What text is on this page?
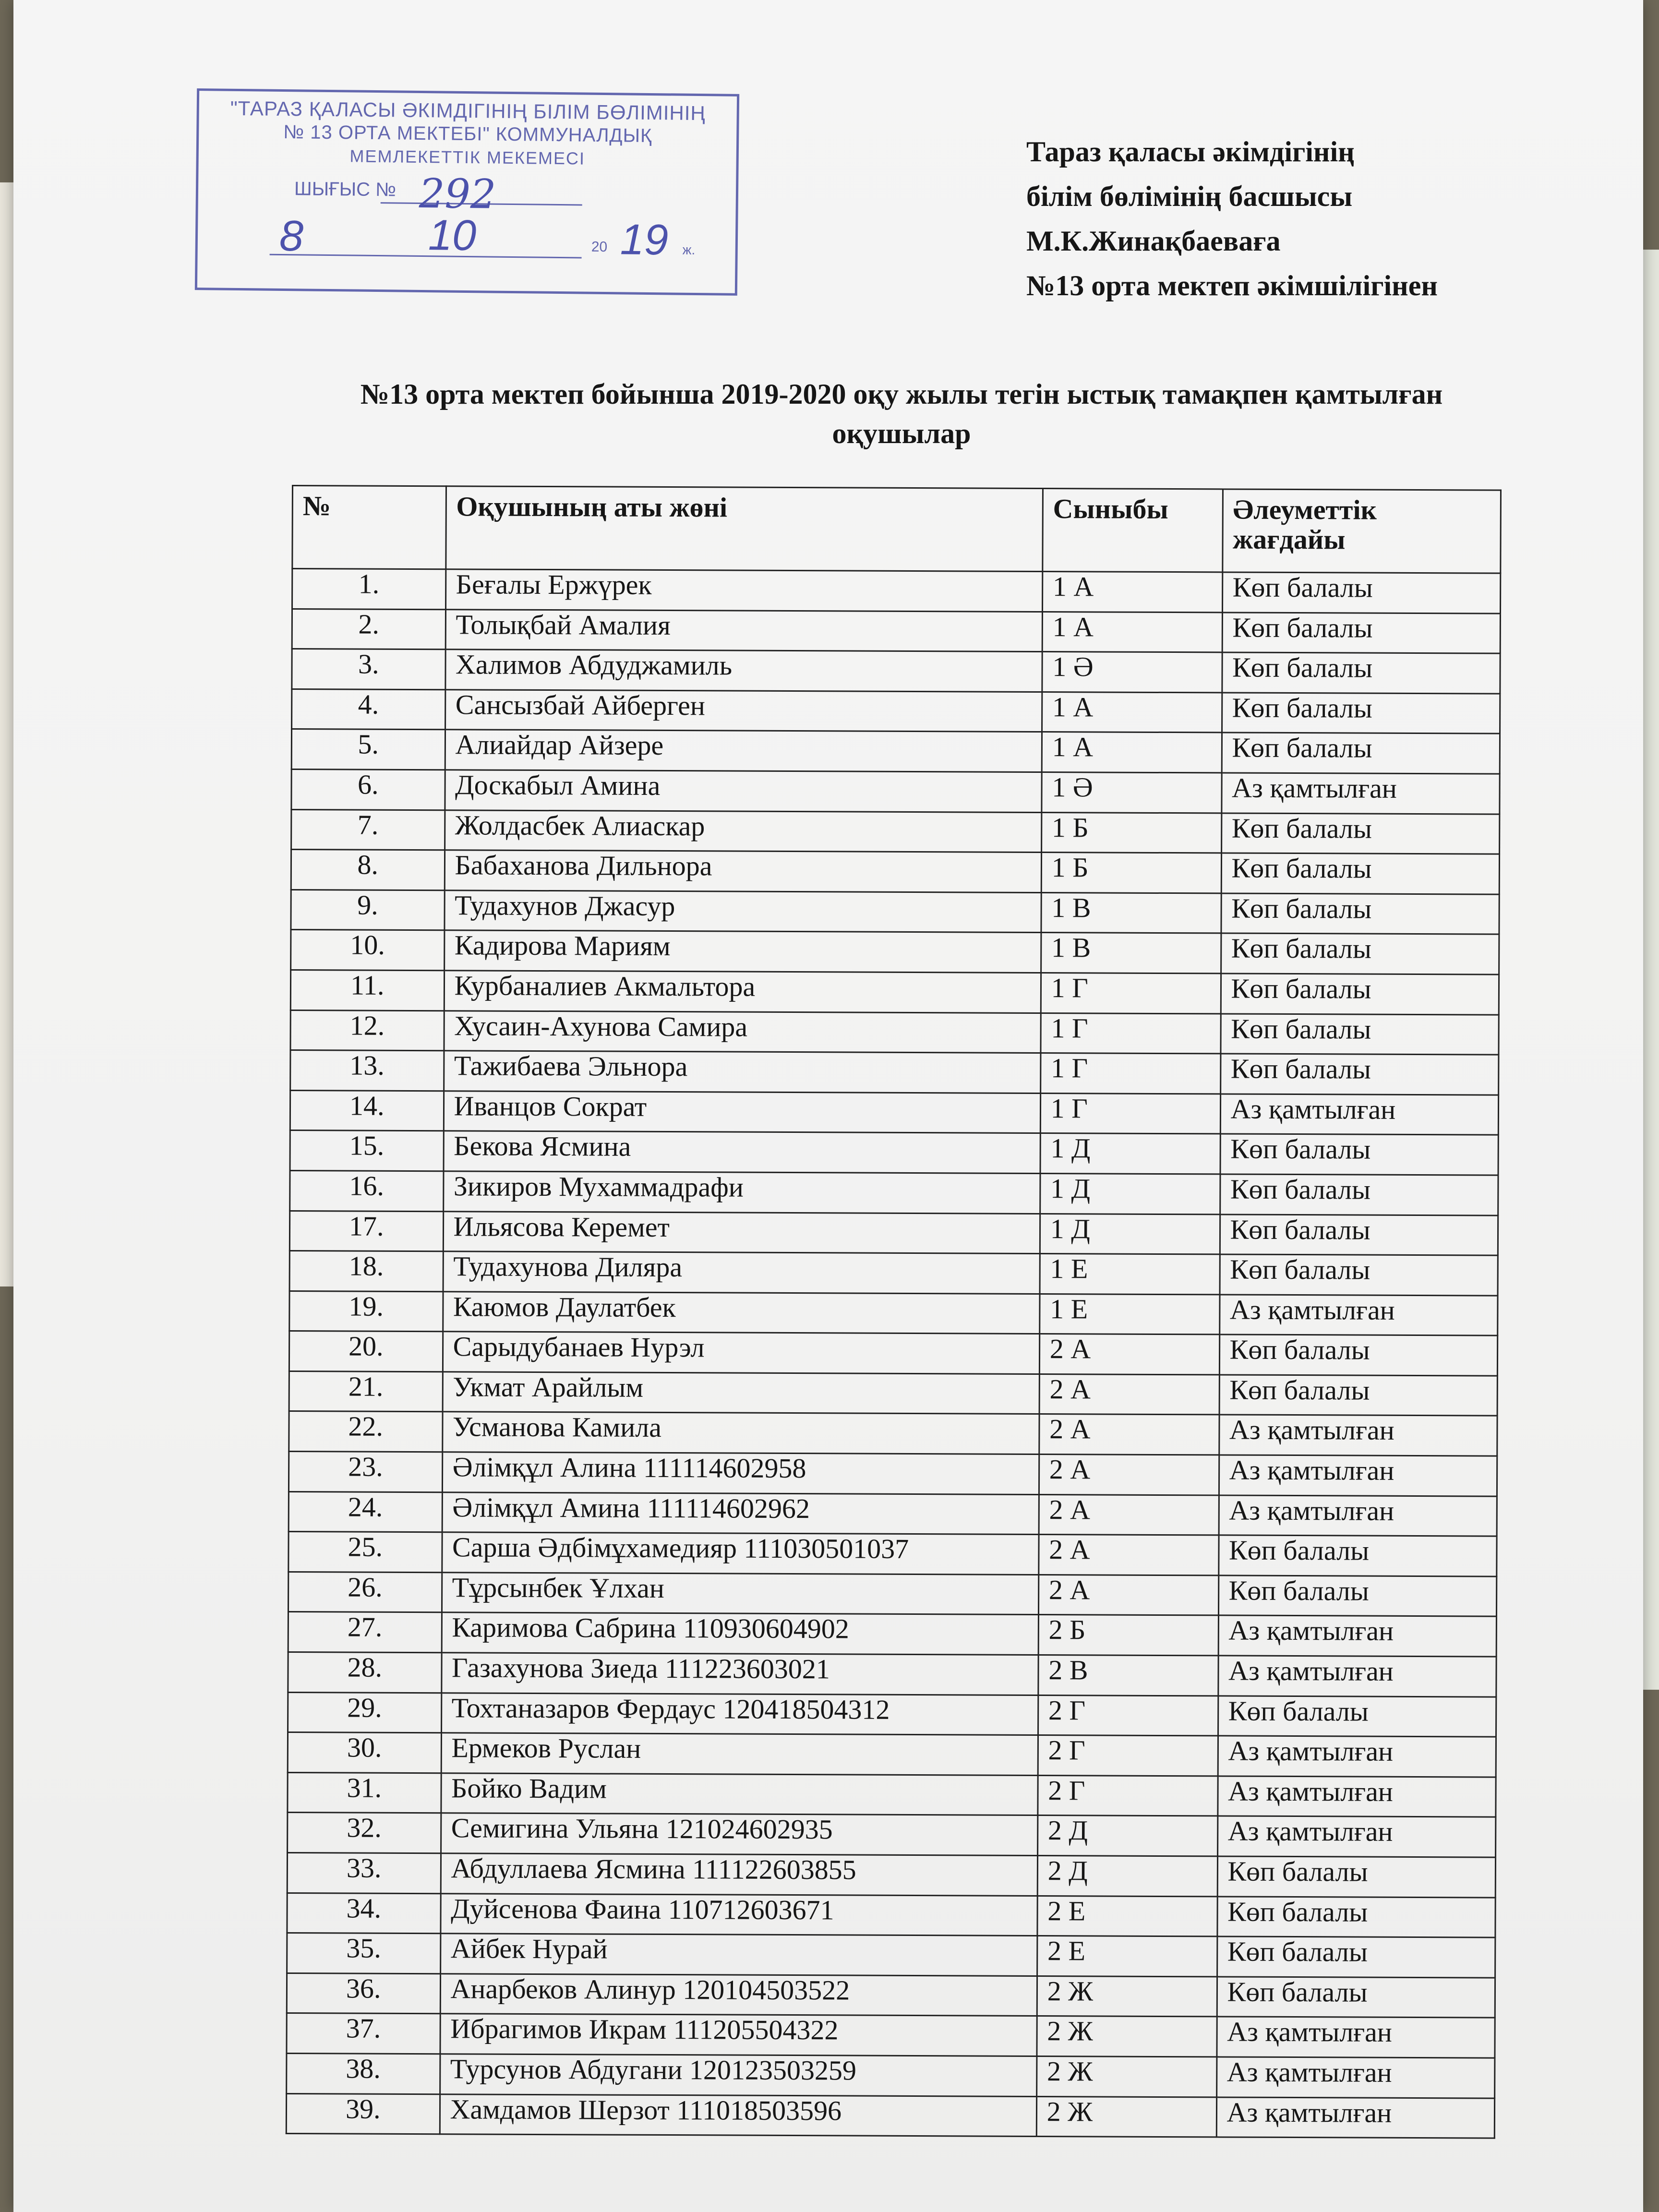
"ТАРАЗ ҚАЛАСЫ ӘКІМДІГІНІҢ БІЛІМ БӨЛІМІНІҢ
№ 13 ОРТА МЕКТЕБІ" КОММУНАЛДЫҚ
МЕМЛЕКЕТТІК МЕКЕМЕСІ
ШЫҒЫС № 292
8	10	20 19 ж.
Тараз қаласы әкімдігінің
білім бөлімінің басшысы
М.К.Жинақбаеваға
№13 орта мектеп әкімшілігінен
№13 орта мектеп бойынша 2019-2020 оқу жылы тегін ыстық тамақпен қамтылған
оқушылар
№	Оқушының аты жөні	Сыныбы	Әлеуметтік жағдайы
1.	Беғалы Ержүрек	1 А	Көп балалы
2.	Толықбай Амалия	1 А	Көп балалы
3.	Халимов Абдуджамиль	1 Ә	Көп балалы
4.	Сансызбай Айберген	1 А	Көп балалы
5.	Алиайдар Айзере	1 А	Көп балалы
6.	Доскабыл Амина	1 Ә	Аз қамтылған
7.	Жолдасбек Алиаскар	1 Б	Көп балалы
8.	Бабаханова Дильнора	1 Б	Көп балалы
9.	Тудахунов Джасур	1 В	Көп балалы
10.	Кадирова Мариям	1 В	Көп балалы
11.	Курбаналиев Акмальтора	1 Г	Көп балалы
12.	Хусаин-Ахунова Самира	1 Г	Көп балалы
13.	Тажибаева Эльнора	1 Г	Көп балалы
14.	Иванцов Сократ	1 Г	Аз қамтылған
15.	Бекова Ясмина	1 Д	Көп балалы
16.	Зикиров Мухаммадрафи	1 Д	Көп балалы
17.	Ильясова Керемет	1 Д	Көп балалы
18.	Тудахунова Диляра	1 Е	Көп балалы
19.	Каюмов Даулатбек	1 Е	Аз қамтылған
20.	Сарыдубанаев Нурэл	2 А	Көп балалы
21.	Укмат Арайлым	2 А	Көп балалы
22.	Усманова Камила	2 А	Аз қамтылған
23.	Әлімқұл Алина 111114602958	2 А	Аз қамтылған
24.	Әлімқұл Амина 111114602962	2 А	Аз қамтылған
25.	Сарша Әдбімұхамедияр 111030501037	2 А	Көп балалы
26.	Тұрсынбек Ұлхан	2 А	Көп балалы
27.	Каримова Сабрина 110930604902	2 Б	Аз қамтылған
28.	Газахунова Зиеда 111223603021	2 В	Аз қамтылған
29.	Тохтаназаров Фердаус 120418504312	2 Г	Көп балалы
30.	Ермеков Руслан	2 Г	Аз қамтылған
31.	Бойко Вадим	2 Г	Аз қамтылған
32.	Семигина Ульяна 121024602935	2 Д	Аз қамтылған
33.	Абдуллаева Ясмина 111122603855	2 Д	Көп балалы
34.	Дуйсенова Фаина 110712603671	2 Е	Көп балалы
35.	Айбек Нурай	2 Е	Көп балалы
36.	Анарбеков Алинур 120104503522	2 Ж	Көп балалы
37.	Ибрагимов Икрам 111205504322	2 Ж	Аз қамтылған
38.	Турсунов Абдугани 120123503259	2 Ж	Аз қамтылған
39.	Хамдамов Шерзот 111018503596	2 Ж	Аз қамтылған
